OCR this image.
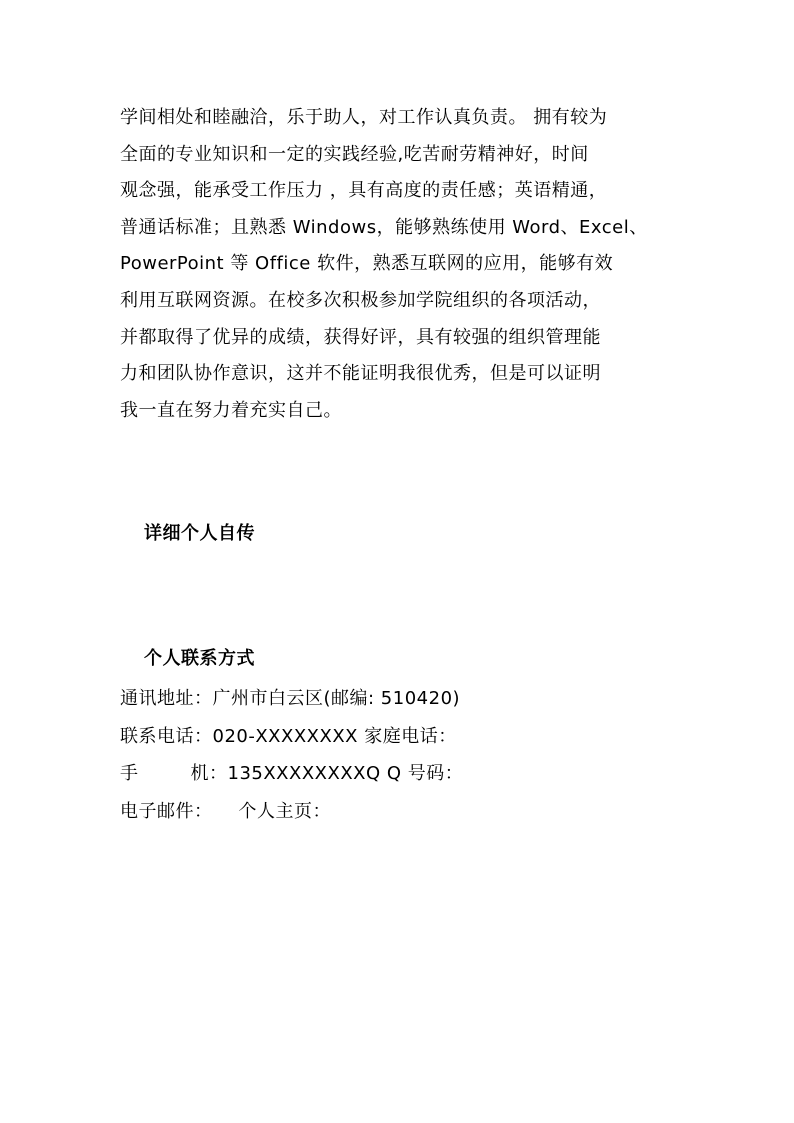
学间相处和睦融洽，乐于助人，对工作认真负责。 拥有较为
全面的专业知识和一定的实践经验,吃苦耐劳精神好，时间
观念强，能承受工作压力 ，具有高度的责任感；英语精通，
普通话标准；且熟悉 Windows，能够熟练使用 Word、Excel、
PowerPoint 等 Office 软件，熟悉互联网的应用，能够有效
利用互联网资源。在校多次积极参加学院组织的各项活动，
并都取得了优异的成绩，获得好评，具有较强的组织管理能
力和团队协作意识，这并不能证明我很优秀，但是可以证明
我一直在努力着充实自己。
详细个人自传
个人联系方式
通讯地址：广州市白云区(邮编: 510420)
联系电话：020-XXXXXXXX 家庭电话：
手	机：135XXXXXXXXQ Q 号码：
电子邮件： 个人主页：
